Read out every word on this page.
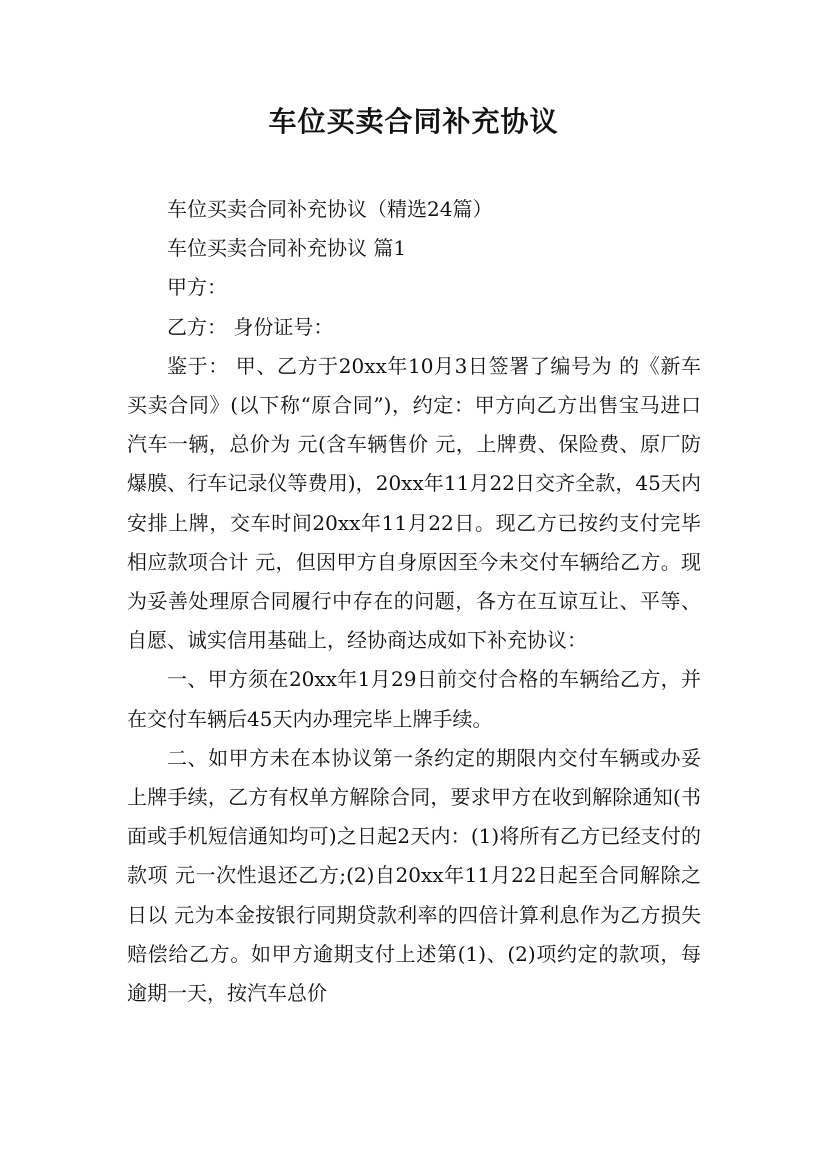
车位买卖合同补充协议

车位买卖合同补充协议（精选24篇）

车位买卖合同补充协议 篇1

甲方：

乙方： 身份证号：

鉴于： 甲、乙方于20xx年10月3日签署了编号为 的《新车买卖合同》(以下称“原合同”)，约定：甲方向乙方出售宝马进口汽车一辆，总价为 元(含车辆售价 元，上牌费、保险费、原厂防爆膜、行车记录仪等费用)，20xx年11月22日交齐全款，45天内安排上牌，交车时间20xx年11月22日。现乙方已按约支付完毕相应款项合计 元，但因甲方自身原因至今未交付车辆给乙方。现为妥善处理原合同履行中存在的问题，各方在互谅互让、平等、自愿、诚实信用基础上，经协商达成如下补充协议：

一、甲方须在20xx年1月29日前交付合格的车辆给乙方，并在交付车辆后45天内办理完毕上牌手续。

二、如甲方未在本协议第一条约定的期限内交付车辆或办妥上牌手续，乙方有权单方解除合同，要求甲方在收到解除通知(书面或手机短信通知均可)之日起2天内：(1)将所有乙方已经支付的款项 元一次性退还乙方;(2)自20xx年11月22日起至合同解除之日以 元为本金按银行同期贷款利率的四倍计算利息作为乙方损失赔偿给乙方。如甲方逾期支付上述第(1)、(2)项约定的款项，每逾期一天，按汽车总价
